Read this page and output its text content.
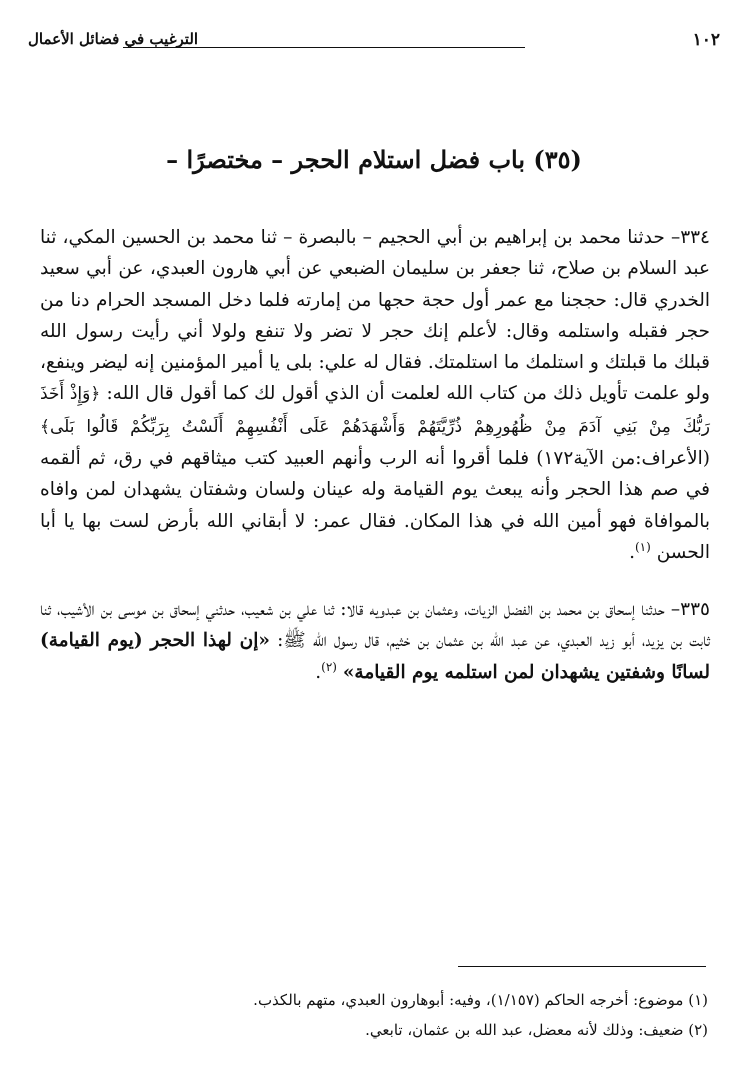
١٠٢
الترغيب في فضائل الأعمال
(٣٥) باب فضل استلام الحجر – مختصرًا –
٣٣٤– حدثنا محمد بن إبراهيم بن أبي الحجيم – بالبصرة – ثنا محمد بن الحسين المكي، ثنا عبد السلام بن صلاح، ثنا جعفر بن سليمان الضبعي عن أبي هارون العبدي، عن أبي سعيد الخدري قال: حججنا مع عمر أول حجة حجها من إمارته فلما دخل المسجد الحرام دنا من حجر فقبله واستلمه وقال: لأعلم إنك حجر لا تضر ولا تنفع ولولا أني رأيت رسول الله قبلك ما قبلتك و استلمك ما استلمتك. فقال له علي: بلى يا أمير المؤمنين إنه ليضر وينفع، ولو علمت تأويل ذلك من كتاب الله لعلمت أن الذي أقول لك كما أقول قال الله: ﴿وَإِذْ أَخَذَ رَبُّكَ مِنْ بَنِي آدَمَ مِنْ ظُهُورِهِمْ ذُرِّيَّتَهُمْ وَأَشْهَدَهُمْ عَلَى أَنْفُسِهِمْ أَلَسْتُ بِرَبِّكُمْ قَالُوا بَلَى﴾ (الأعراف:من الآية١٧٢) فلما أقروا أنه الرب وأنهم العبيد كتب ميثاقهم في رق، ثم ألقمه في صم هذا الحجر وأنه يبعث يوم القيامة وله عينان ولسان وشفتان يشهدان لمن وافاه بالموافاة فهو أمين الله في هذا المكان. فقال عمر: لا أبقاني الله بأرض لست بها يا أبا الحسن $^{(١)}$.
٣٣٥– حدثنا إسحاق بن محمد بن الفضل الزيات، وعثمان بن عبدويه قالا: ثنا علي بن شعيب، حدثني إسحاق بن موسى بن الأشيب، ثنا ثابت بن يزيد، أبو زيد العبدي، عن عبد الله بن عثمان بن خثيم، قال رسول الله ﷺ: «إن لهذا الحجر (يوم القيامة) لسانًا وشفتين يشهدان لمن استلمه يوم القيامة» $^{(٢)}$.

(١) موضوع: أخرجه الحاكم (١/١٥٧)، وفيه: أبوهارون العبدي، متهم بالكذب.

(٢) ضعيف: وذلك لأنه معضل، عبد الله بن عثمان، تابعي.
